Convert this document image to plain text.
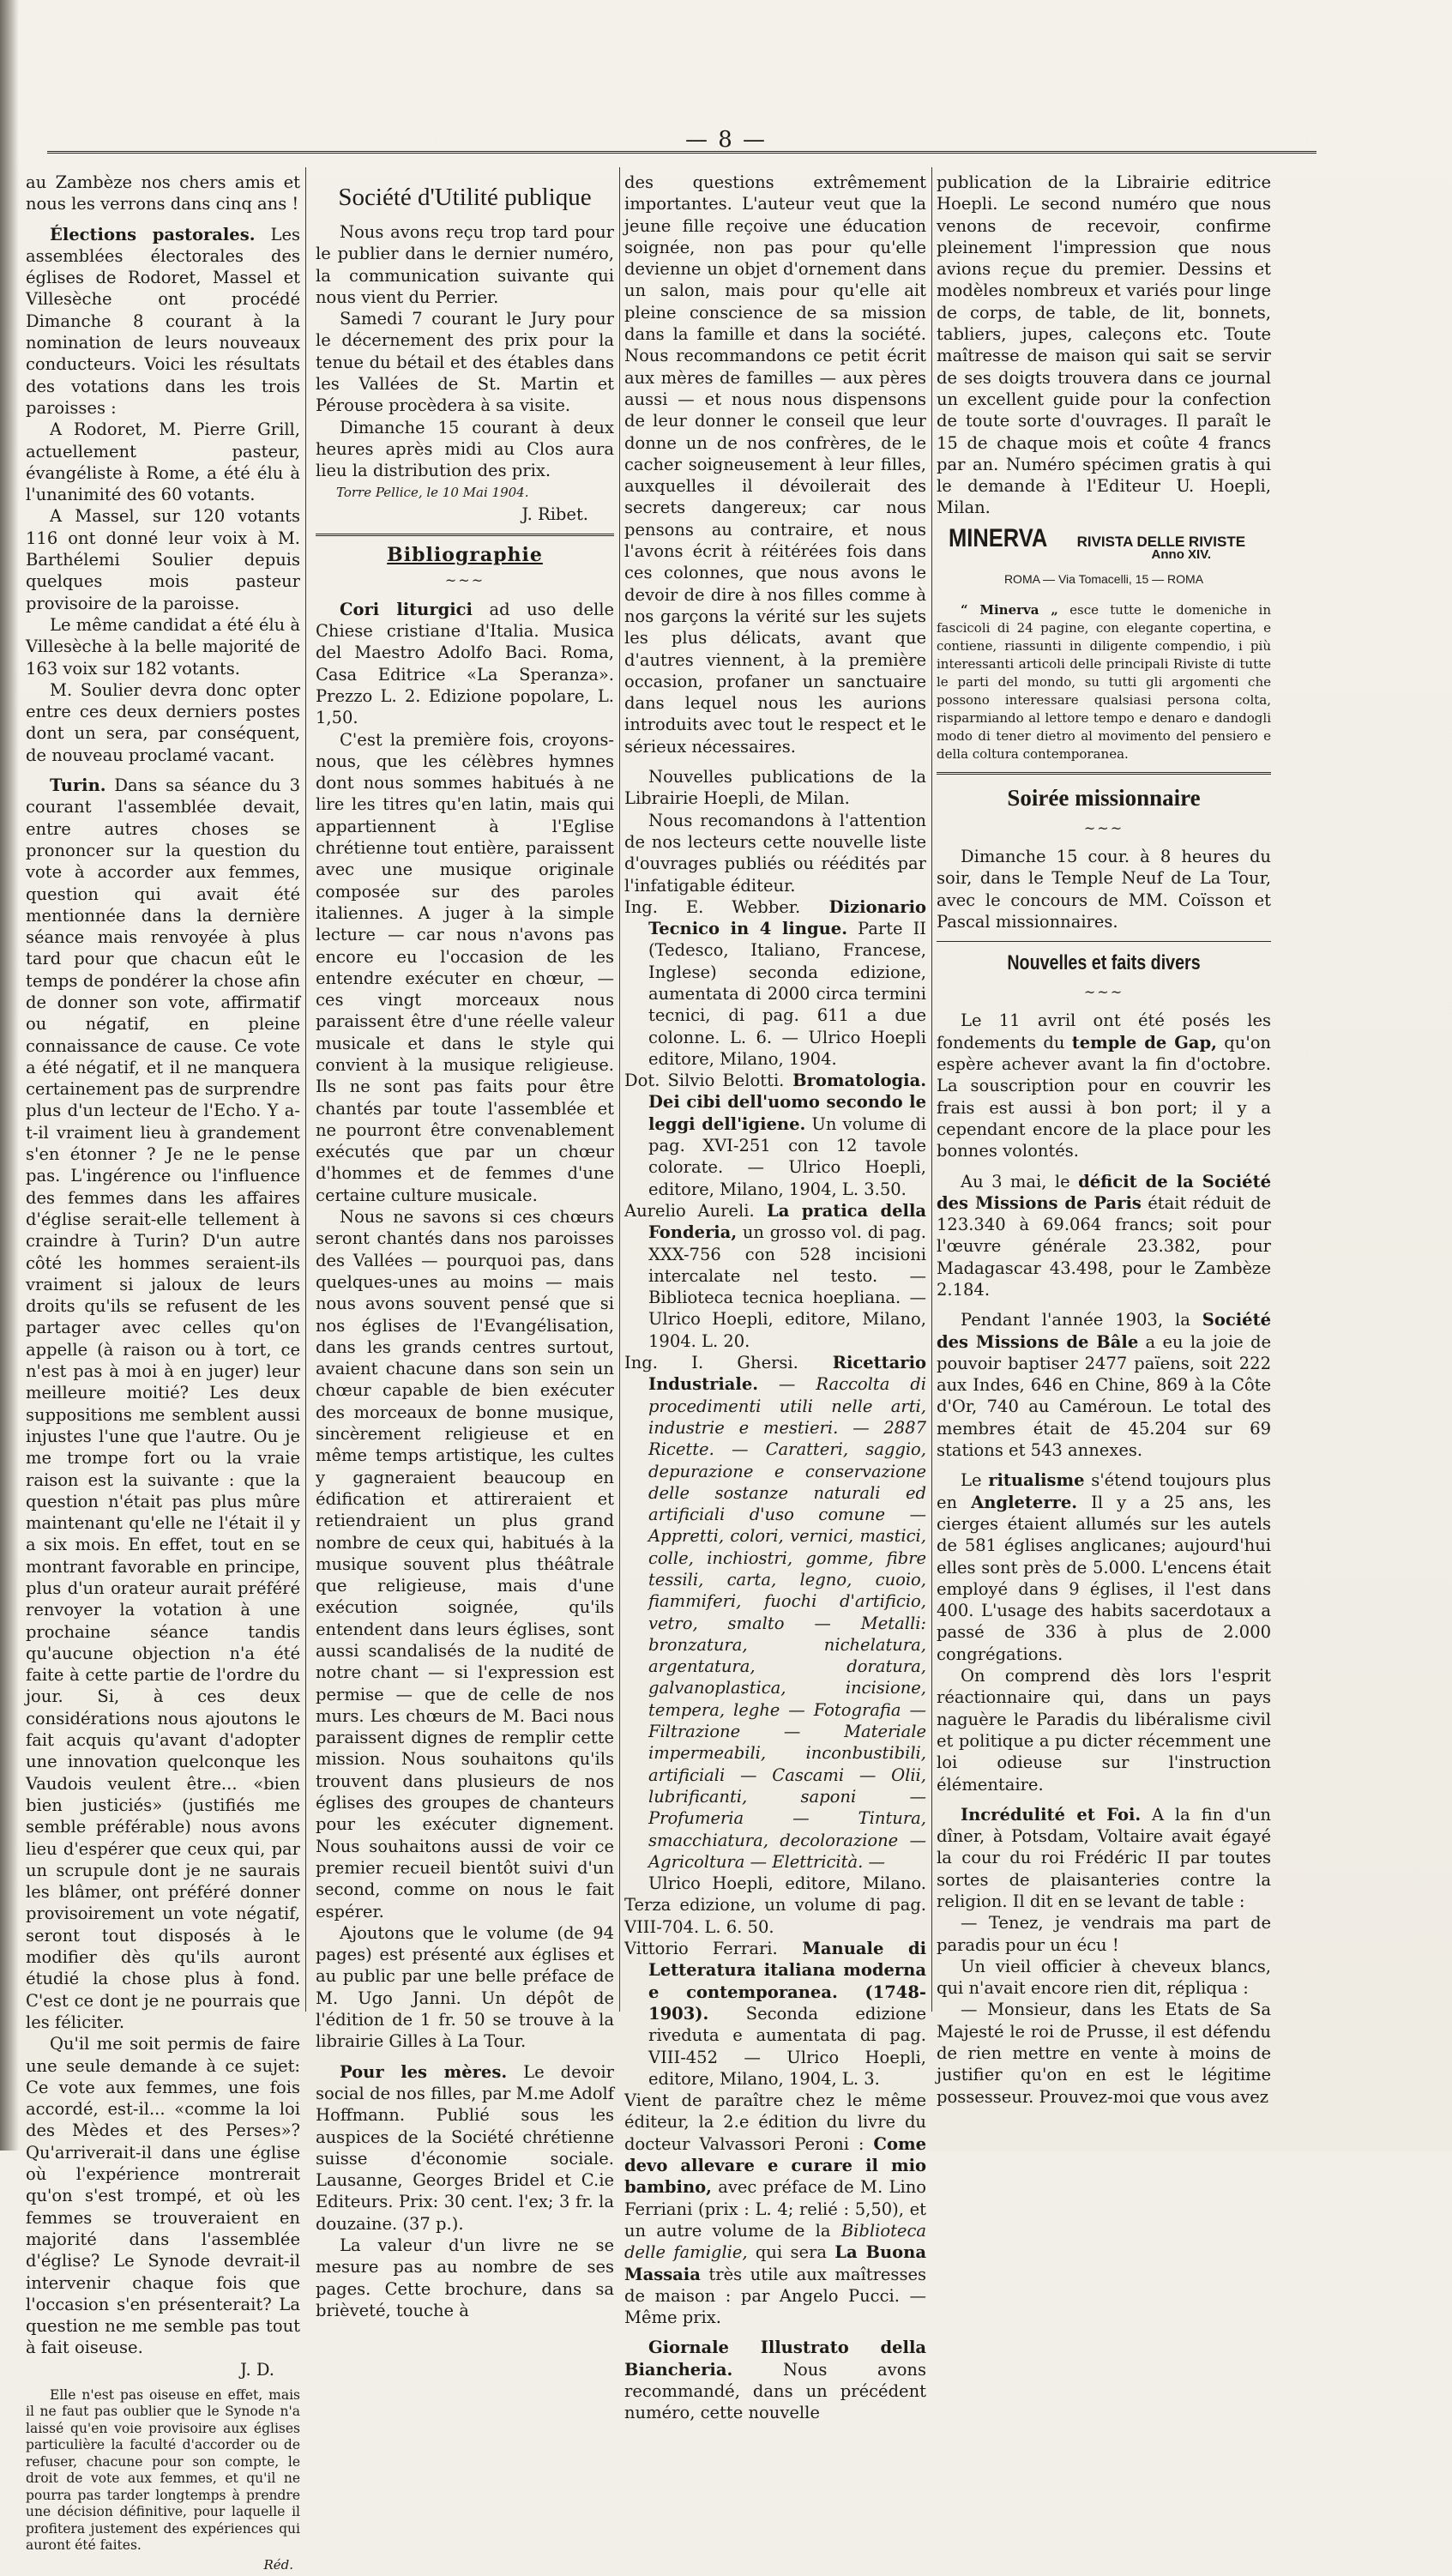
— 8 —

au Zambèze nos chers amis et nous les verrons dans cinq ans !

Élections pastorales. Les assemblées électorales des églises de Rodoret, Massel et Villesèche ont procédé Dimanche 8 courant à la nomination de leurs nouveaux conducteurs. Voici les résultats des votations dans les trois paroisses :

A Rodoret, M. Pierre Grill, actuellement pasteur, évangéliste à Rome, a été élu à l'unanimité des 60 votants.

A Massel, sur 120 votants 116 ont donné leur voix à M. Barthélemi Soulier depuis quelques mois pasteur provisoire de la paroisse.

Le même candidat a été élu à Villesèche à la belle majorité de 163 voix sur 182 votants.

M. Soulier devra donc opter entre ces deux derniers postes dont un sera, par conséquent, de nouveau proclamé vacant.

Turin. Dans sa séance du 3 courant l'assemblée devait, entre autres choses se prononcer sur la question du vote à accorder aux femmes, question qui avait été mentionnée dans la dernière séance mais renvoyée à plus tard pour que chacun eût le temps de pondérer la chose afin de donner son vote, affirmatif ou négatif, en pleine connaissance de cause. Ce vote a été négatif, et il ne manquera certainement pas de surprendre plus d'un lecteur de l'Echo. Y a-t-il vraiment lieu à grandement s'en étonner ? Je ne le pense pas. L'ingérence ou l'influence des femmes dans les affaires d'église serait-elle tellement à craindre à Turin? D'un autre côté les hommes seraient-ils vraiment si jaloux de leurs droits qu'ils se refusent de les partager avec celles qu'on appelle (à raison ou à tort, ce n'est pas à moi à en juger) leur meilleure moitié? Les deux suppositions me semblent aussi injustes l'une que l'autre. Ou je me trompe fort ou la vraie raison est la suivante : que la question n'était pas plus mûre maintenant qu'elle ne l'était il y a six mois. En effet, tout en se montrant favorable en principe, plus d'un orateur aurait préféré renvoyer la votation à une prochaine séance tandis qu'aucune objection n'a été faite à cette partie de l'ordre du jour. Si, à ces deux considérations nous ajoutons le fait acquis qu'avant d'adopter une innovation quelconque les Vaudois veulent être... «bien bien justiciés» (justifiés me semble préférable) nous avons lieu d'espérer que ceux qui, par un scrupule dont je ne saurais les blâmer, ont préféré donner provisoirement un vote négatif, seront tout disposés à le modifier dès qu'ils auront étudié la chose plus à fond. C'est ce dont je ne pourrais que les féliciter.

Qu'il me soit permis de faire une seule demande à ce sujet: Ce vote aux femmes, une fois accordé, est-il... «comme la loi des Mèdes et des Perses»? Qu'arriverait-il dans une église où l'expérience montrerait qu'on s'est trompé, et où les femmes se trouveraient en majorité dans l'assemblée d'église? Le Synode devrait-il intervenir chaque fois que l'occasion s'en présenterait? La question ne me semble pas tout à fait oiseuse.

J. D.

Elle n'est pas oiseuse en effet, mais il ne faut pas oublier que le Synode n'a laissé qu'en voie provisoire aux églises particulière la faculté d'accorder ou de refuser, chacune pour son compte, le droit de vote aux femmes, et qu'il ne pourra pas tarder longtemps à prendre une décision définitive, pour laquelle il profitera justement des expériences qui auront été faites.

Réd.

Société d'Utilité publique

Nous avons reçu trop tard pour le publier dans le dernier numéro, la communication suivante qui nous vient du Perrier.

Samedi 7 courant le Jury pour le décernement des prix pour la tenue du bétail et des étables dans les Vallées de St. Martin et Pérouse procèdera à sa visite.

Dimanche 15 courant à deux heures après midi au Clos aura lieu la distribution des prix.

Torre Pellice, le 10 Mai 1904.

J. Ribet.

Bibliographie
~~~

Cori liturgici ad uso delle Chiese cristiane d'Italia. Musica del Maestro Adolfo Baci. Roma, Casa Editrice «La Speranza». Prezzo L. 2. Edizione popolare, L. 1,50.

C'est la première fois, croyons-nous, que les célèbres hymnes dont nous sommes habitués à ne lire les titres qu'en latin, mais qui appartiennent à l'Eglise chrétienne tout entière, paraissent avec une musique originale composée sur des paroles italiennes. A juger à la simple lecture — car nous n'avons pas encore eu l'occasion de les entendre exécuter en chœur, — ces vingt morceaux nous paraissent être d'une réelle valeur musicale et dans le style qui convient à la musique religieuse. Ils ne sont pas faits pour être chantés par toute l'assemblée et ne pourront être convenablement exécutés que par un chœur d'hommes et de femmes d'une certaine culture musicale.

Nous ne savons si ces chœurs seront chantés dans nos paroisses des Vallées — pourquoi pas, dans quelques-unes au moins — mais nous avons souvent pensé que si nos églises de l'Evangélisation, dans les grands centres surtout, avaient chacune dans son sein un chœur capable de bien exécuter des morceaux de bonne musique, sincèrement religieuse et en même temps artistique, les cultes y gagneraient beaucoup en édification et attireraient et retiendraient un plus grand nombre de ceux qui, habitués à la musique souvent plus théâtrale que religieuse, mais d'une exécution soignée, qu'ils entendent dans leurs églises, sont aussi scandalisés de la nudité de notre chant — si l'expression est permise — que de celle de nos murs. Les chœurs de M. Baci nous paraissent dignes de remplir cette mission. Nous souhaitons qu'ils trouvent dans plusieurs de nos églises des groupes de chanteurs pour les exécuter dignement. Nous souhaitons aussi de voir ce premier recueil bientôt suivi d'un second, comme on nous le fait espérer.

Ajoutons que le volume (de 94 pages) est présenté aux églises et au public par une belle préface de M. Ugo Janni. Un dépôt de l'édition de 1 fr. 50 se trouve à la librairie Gilles à La Tour.

Pour les mères. Le devoir social de nos filles, par M.me Adolf Hoffmann. Publié sous les auspices de la Société chrétienne suisse d'économie sociale. Lausanne, Georges Bridel et C.ie Editeurs. Prix: 30 cent. l'ex; 3 fr. la douzaine. (37 p.).

La valeur d'un livre ne se mesure pas au nombre de ses pages. Cette brochure, dans sa brièveté, touche à

des questions extrêmement importantes. L'auteur veut que la jeune fille reçoive une éducation soignée, non pas pour qu'elle devienne un objet d'ornement dans un salon, mais pour qu'elle ait pleine conscience de sa mission dans la famille et dans la société. Nous recommandons ce petit écrit aux mères de familles — aux pères aussi — et nous nous dispensons de leur donner le conseil que leur donne un de nos confrères, de le cacher soigneusement à leur filles, auxquelles il dévoilerait des secrets dangereux; car nous pensons au contraire, et nous l'avons écrit à réitérées fois dans ces colonnes, que nous avons le devoir de dire à nos filles comme à nos garçons la vérité sur les sujets les plus délicats, avant que d'autres viennent, à la première occasion, profaner un sanctuaire dans lequel nous les aurions introduits avec tout le respect et le sérieux nécessaires.

Nouvelles publications de la Librairie Hoepli, de Milan.

Nous recomandons à l'attention de nos lecteurs cette nouvelle liste d'ouvrages publiés ou réédités par l'infatigable éditeur.

Ing. E. Webber. Dizionario Tecnico in 4 lingue. Parte II (Tedesco, Italiano, Francese, Inglese) seconda edizione, aumentata di 2000 circa termini tecnici, di pag. 611 a due colonne. L. 6. — Ulrico Hoepli editore, Milano, 1904.

Dot. Silvio Belotti. Bromatologia. Dei cibi dell'uomo secondo le leggi dell'igiene. Un volume di pag. XVI-251 con 12 tavole colorate. — Ulrico Hoepli, editore, Milano, 1904, L. 3.50.

Aurelio Aureli. La pratica della Fonderia, un grosso vol. di pag. XXX-756 con 528 incisioni intercalate nel testo. — Biblioteca tecnica hoepliana. — Ulrico Hoepli, editore, Milano, 1904. L. 20.

Ing. I. Ghersi. Ricettario Industriale. — Raccolta di procedimenti utili nelle arti, industrie e mestieri. — 2887 Ricette. — Caratteri, saggio, depurazione e conservazione delle sostanze naturali ed artificiali d'uso comune — Appretti, colori, vernici, mastici, colle, inchiostri, gomme, fibre tessili, carta, legno, cuoio, fiammiferi, fuochi d'artificio, vetro, smalto — Metalli: bronzatura, nichelatura, argentatura, doratura, galvanoplastica, incisione, tempera, leghe — Fotografia — Filtrazione — Materiale impermeabili, inconbustibili, artificiali — Cascami — Olii, lubrificanti, saponi — Profumeria — Tintura, smacchiatura, decolorazione — Agricoltura — Elettricità. —

Ulrico Hoepli, editore, Milano. Terza edizione, un volume di pag. VIII-704. L. 6. 50.

Vittorio Ferrari. Manuale di Letteratura italiana moderna e contemporanea. (1748-1903). Seconda edizione riveduta e aumentata di pag. VIII-452 — Ulrico Hoepli, editore, Milano, 1904, L. 3.

Vient de paraître chez le même éditeur, la 2.e édition du livre du docteur Valvassori Peroni : Come devo allevare e curare il mio bambino, avec préface de M. Lino Ferriani (prix : L. 4; relié : 5,50), et un autre volume de la Biblioteca delle famiglie, qui sera La Buona Massaia très utile aux maîtresses de maison : par Angelo Pucci. — Même prix.

Giornale Illustrato della Biancheria. Nous avons recommandé, dans un précédent numéro, cette nouvelle

publication de la Librairie editrice Hoepli. Le second numéro que nous venons de recevoir, confirme pleinement l'impression que nous avions reçue du premier. Dessins et modèles nombreux et variés pour linge de corps, de table, de lit, bonnets, tabliers, jupes, caleçons etc. Toute maîtresse de maison qui sait se servir de ses doigts trouvera dans ce journal un excellent guide pour la confection de toute sorte d'ouvrages. Il paraît le 15 de chaque mois et coûte 4 francs par an. Numéro spécimen gratis à qui le demande à l'Editeur U. Hoepli, Milan.

MINERVA RIVISTA DELLE RIVISTE
Anno XIV.
ROMA — Via Tomacelli, 15 — ROMA

“ Minerva „ esce tutte le domeniche in fascicoli di 24 pagine, con elegante copertina, e contiene, riassunti in diligente compendio, i più interessanti articoli delle principali Riviste di tutte le parti del mondo, su tutti gli argomenti che possono interessare qualsiasi persona colta, risparmiando al lettore tempo e denaro e dandogli modo di tener dietro al movimento del pensiero e della coltura contemporanea.

Soirée missionnaire
~~~

Dimanche 15 cour. à 8 heures du soir, dans le Temple Neuf de La Tour, avec le concours de MM. Coïsson et Pascal missionnaires.

Nouvelles et faits divers
~~~

Le 11 avril ont été posés les fondements du temple de Gap, qu'on espère achever avant la fin d'octobre. La souscription pour en couvrir les frais est aussi à bon port; il y a cependant encore de la place pour les bonnes volontés.

Au 3 mai, le déficit de la Société des Missions de Paris était réduit de 123.340 à 69.064 francs; soit pour l'œuvre générale 23.382, pour Madagascar 43.498, pour le Zambèze 2.184.

Pendant l'année 1903, la Société des Missions de Bâle a eu la joie de pouvoir baptiser 2477 païens, soit 222 aux Indes, 646 en Chine, 869 à la Côte d'Or, 740 au Caméroun. Le total des membres était de 45.204 sur 69 stations et 543 annexes.

Le ritualisme s'étend toujours plus en Angleterre. Il y a 25 ans, les cierges étaient allumés sur les autels de 581 églises anglicanes; aujourd'hui elles sont près de 5.000. L'encens était employé dans 9 églises, il l'est dans 400. L'usage des habits sacerdotaux a passé de 336 à plus de 2.000 congrégations.

On comprend dès lors l'esprit réactionnaire qui, dans un pays naguère le Paradis du libéralisme civil et politique a pu dicter récemment une loi odieuse sur l'instruction élémentaire.

Incrédulité et Foi. A la fin d'un dîner, à Potsdam, Voltaire avait égayé la cour du roi Frédéric II par toutes sortes de plaisanteries contre la religion. Il dit en se levant de table :

— Tenez, je vendrais ma part de paradis pour un écu !

Un vieil officier à cheveux blancs, qui n'avait encore rien dit, répliqua :

— Monsieur, dans les Etats de Sa Majesté le roi de Prusse, il est défendu de rien mettre en vente à moins de justifier qu'on en est le légitime possesseur. Prouvez-moi que vous avez
